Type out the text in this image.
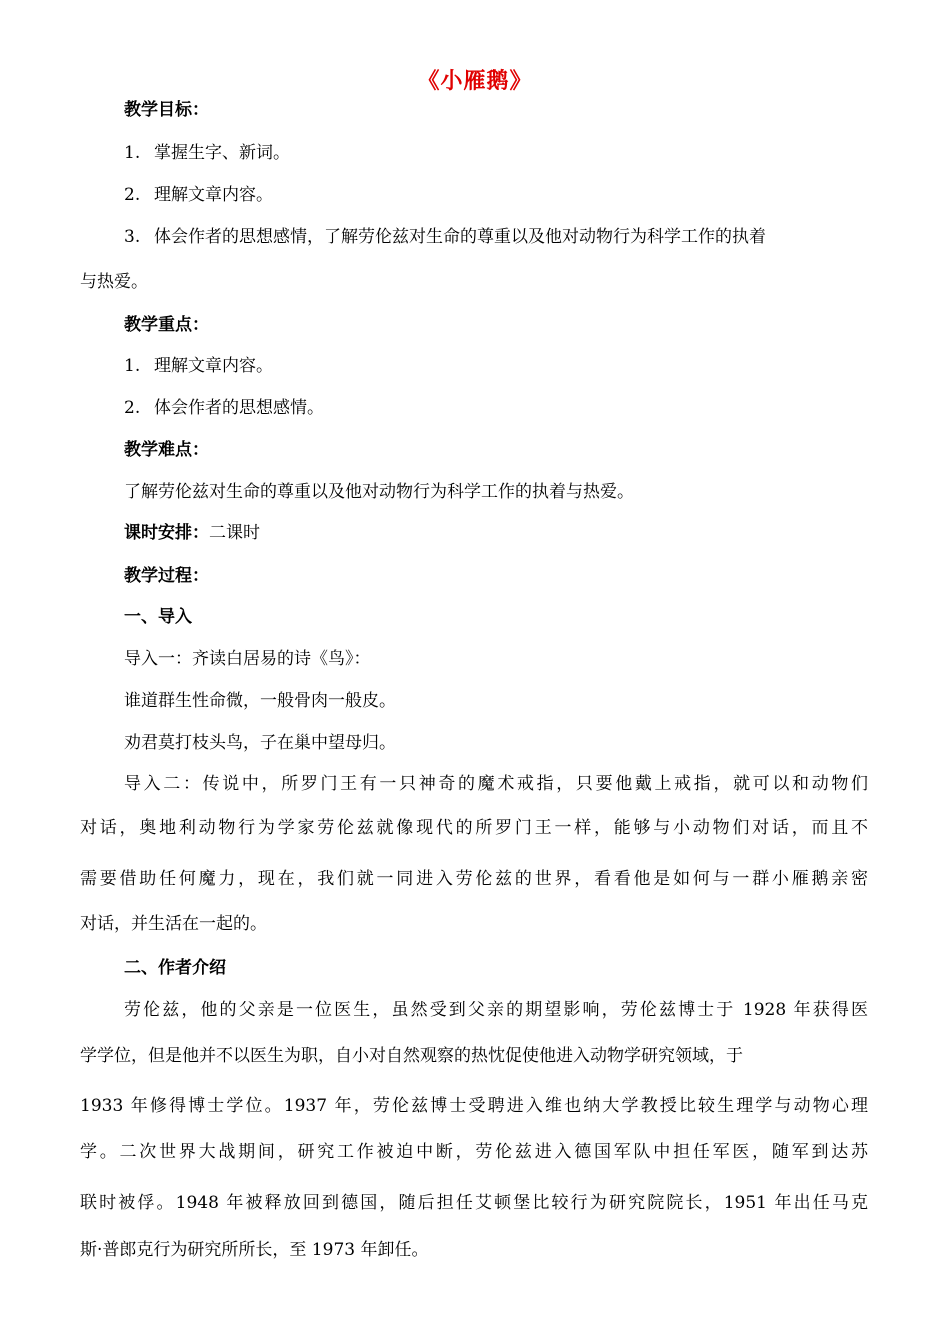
《小雁鹅》
教学目标：
1. 掌握生字、新词。
2. 理解文章内容。
3. 体会作者的思想感情，了解劳伦兹对生命的尊重以及他对动物行为科学工作的执着
与热爱。
教学重点：
1. 理解文章内容。
2. 体会作者的思想感情。
教学难点：
了解劳伦兹对生命的尊重以及他对动物行为科学工作的执着与热爱。
课时安排：二课时
教学过程：
一、导入
导入一：齐读白居易的诗《鸟》：
谁道群生性命微，一般骨肉一般皮。
劝君莫打枝头鸟，子在巢中望母归。
导入二：传说中，所罗门王有一只神奇的魔术戒指，只要他戴上戒指，就可以和动物们
对话，奥地利动物行为学家劳伦兹就像现代的所罗门王一样，能够与小动物们对话，而且不
需要借助任何魔力，现在，我们就一同进入劳伦兹的世界，看看他是如何与一群小雁鹅亲密
对话，并生活在一起的。
二、作者介绍
劳伦兹，他的父亲是一位医生，虽然受到父亲的期望影响，劳伦兹博士于 1928 年获得医
学学位，但是他并不以医生为职，自小对自然观察的热忱促使他进入动物学研究领域，于
1933 年修得博士学位。1937 年，劳伦兹博士受聘进入维也纳大学教授比较生理学与动物心理
学。二次世界大战期间，研究工作被迫中断，劳伦兹进入德国军队中担任军医，随军到达苏
联时被俘。1948 年被释放回到德国，随后担任艾顿堡比较行为研究院院长，1951 年出任马克
斯·普郎克行为研究所所长，至 1973 年卸任。
